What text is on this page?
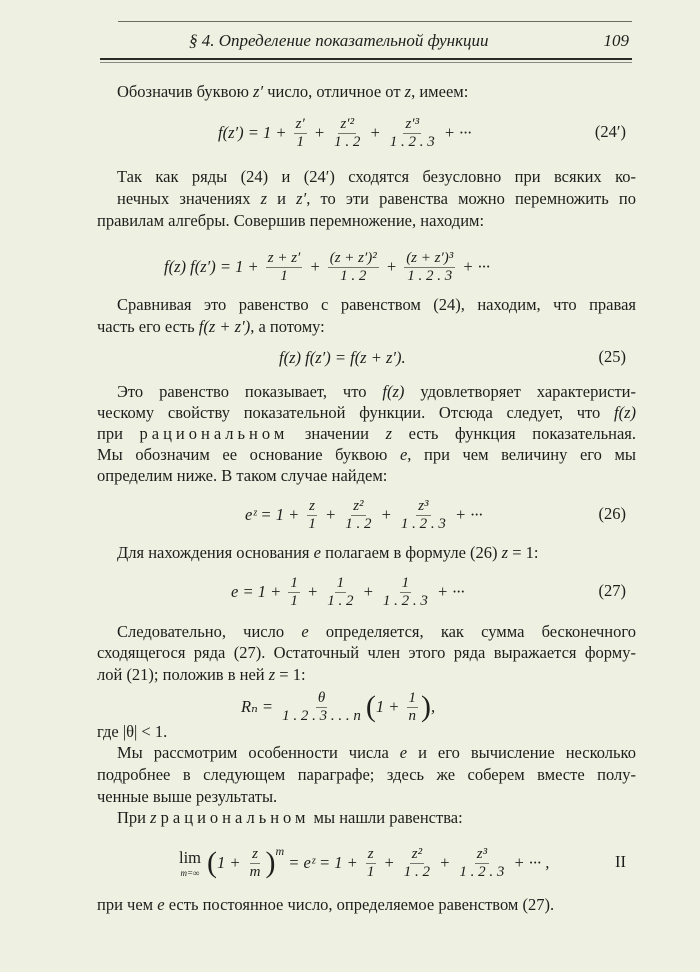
§ 4. Определение показательной функции	109
Обозначив буквою z′ число, отличное от z, имеем:
Так как ряды (24) и (24′) сходятся безусловно при всяких ко-
нечных значениях z и z′, то эти равенства можно перемножить по
правилам алгебры. Совершив перемножение, находим:
Сравнивая это равенство с равенством (24), находим, что правая
часть его есть f(z + z′), а потому:
Это равенство показывает, что f(z) удовлетворяет характеристи-
ческому свойству показательной функции. Отсюда следует, что f(z)
при рациональном значении z есть функция показательная.
Мы обозначим ее основание буквою e, при чем величину его мы
определим ниже. В таком случае найдем:
Для нахождения основания e полагаем в формуле (26) z = 1:
Следовательно, число e определяется, как сумма бесконечного
сходящегося ряда (27). Остаточный член этого ряда выражается форму-
лой (21); положив в ней z = 1:
где |θ| < 1.
Мы рассмотрим особенности числа e и его вычисление несколько
подробнее в следующем параграфе; здесь же соберем вместе полу-
ченные выше результаты.
При z рациональном мы нашли равенства:
при чем e есть постоянное число, определяемое равенством (27).
$f(z') = 1 + \frac{z'}{1} + \frac{\text{z′²}}{1 . 2} + \frac{\text{z′³}}{1 . 2 . 3}$ + ···	(24′)
f(z) $f(z') = 1 + \frac{z + z'}{1} + \frac{\text{(z + z′)²}}{1 . 2} + \frac{\text{(z + z′)³}}{1 . 2 . 3}$ + ···
f(z) f(z′) = f(z + z′).	(25)
eᶻ = $1 + \frac{z}{1} + \frac{\text{z²}}{1 . 2} + \frac{\text{z³}}{1 . 2 . 3}$ + ···	(26)
$e = 1 + \frac{1}{1} + \frac{1}{1 . 2} + \frac{1}{1 . 2 . 3}$ + ···	(27)
$R_n = \frac{\theta}{1 . 2 . 3 . . . n}$ ( $1 + \frac{1}{n}$ ) ,
lim
m=∞ ( $1 + \frac{z}{m}$ ) m
= eᶻ = $1 + \frac{z}{1} + \frac{\text{z²}}{1 . 2} + \frac{\text{z³}}{1 . 2 . 3}$ + ··· ,	II
